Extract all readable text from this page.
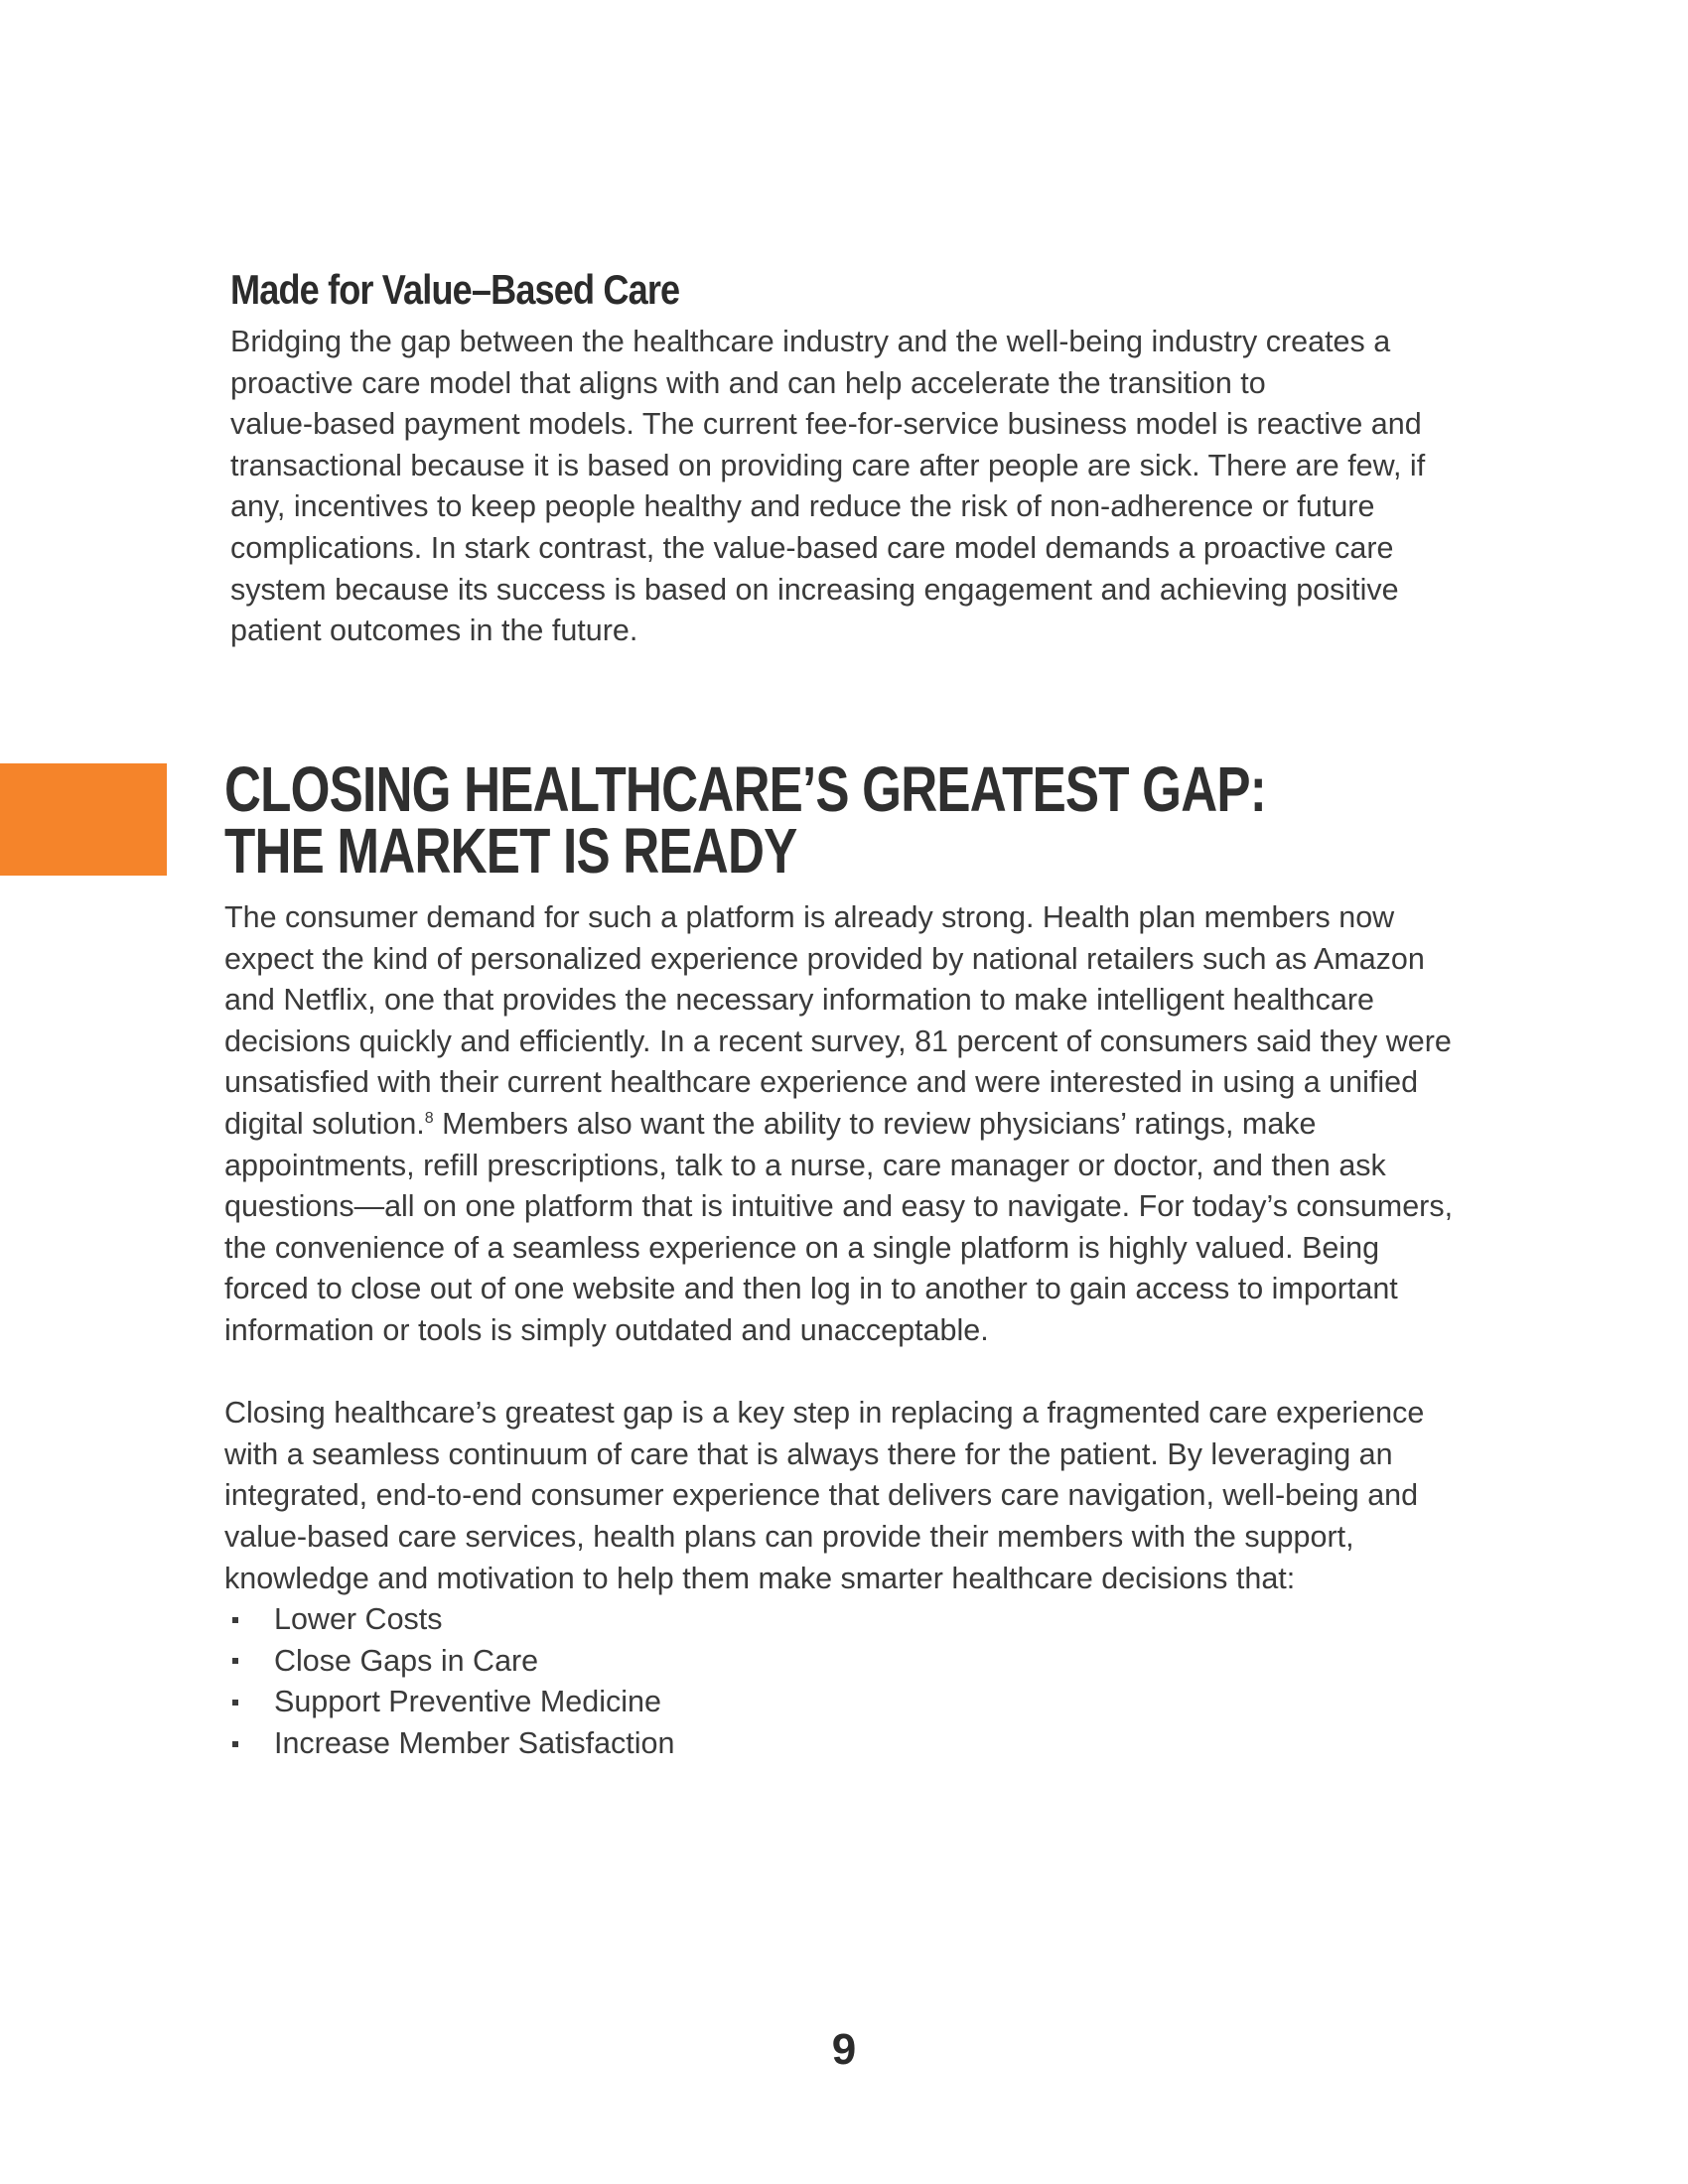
Made for Value–Based Care

Bridging the gap between the healthcare industry and the well-being industry creates a
proactive care model that aligns with and can help accelerate the transition to
value-based payment models. The current fee-for-service business model is reactive and
transactional because it is based on providing care after people are sick. There are few, if
any, incentives to keep people healthy and reduce the risk of non-adherence or future
complications. In stark contrast, the value-based care model demands a proactive care
system because its success is based on increasing engagement and achieving positive
patient outcomes in the future.

CLOSING HEALTHCARE’S GREATEST GAP:
THE MARKET IS READY

The consumer demand for such a platform is already strong. Health plan members now
expect the kind of personalized experience provided by national retailers such as Amazon
and Netflix, one that provides the necessary information to make intelligent healthcare
decisions quickly and efficiently. In a recent survey, 81 percent of consumers said they were
unsatisfied with their current healthcare experience and were interested in using a unified
digital solution.$^8$ Members also want the ability to review physicians’ ratings, make
appointments, refill prescriptions, talk to a nurse, care manager or doctor, and then ask
questions—all on one platform that is intuitive and easy to navigate. For today’s consumers,
the convenience of a seamless experience on a single platform is highly valued. Being
forced to close out of one website and then log in to another to gain access to important
information or tools is simply outdated and unacceptable.

Closing healthcare’s greatest gap is a key step in replacing a fragmented care experience
with a seamless continuum of care that is always there for the patient. By leveraging an
integrated, end-to-end consumer experience that delivers care navigation, well-being and
value-based care services, health plans can provide their members with the support,
knowledge and motivation to help them make smarter healthcare decisions that:

Lower Costs
Close Gaps in Care
Support Preventive Medicine
Increase Member Satisfaction
9
